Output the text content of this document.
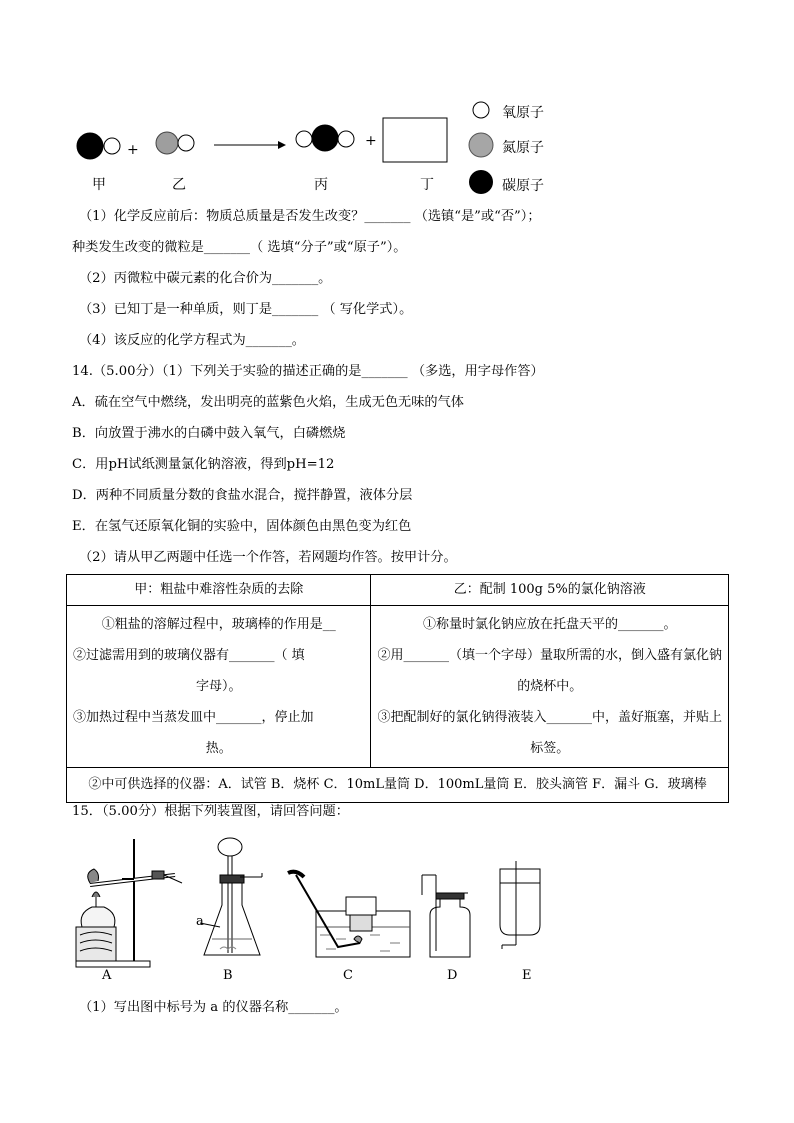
+
+
甲	乙	丙	丁
氧原子
氮原子
碳原子
（1）化学反应前后：物质总质量是否发生改变？_______ （选镇“是”或“否”）；
种类发生改变的微粒是_______（ 选填“分子”或“原子”）。
（2）丙微粒中碳元素的化合价为_______。
（3）已知丁是一种单质，则丁是_______ （ 写化学式）。
（4）该反应的化学方程式为_______。
14.（5.00分）（1）下列关于实验的描述正确的是_______ （多选，用字母作答）
A．硫在空气中燃绕，发出明亮的蓝紫色火焰，生成无色无味的气体
B．向放置于沸水的白磷中鼓入氧气，白磷燃烧
C．用pH试纸测量氯化钠溶液，得到pH=12
D．两种不同质量分数的食盐水混合，搅拌静置，液体分层
E．在氢气还原氧化铜的实验中，固体颜色由黑色变为红色
（2）请从甲乙两题中任选一个作答，若网题均作答。按甲计分。
甲：粗盐中难溶性杂质的去除	乙：配制 100g 5%的氯化钠溶液

①粗盐的溶解过程中，玻璃棒的作用是__
②过滤需用到的玻璃仪器有_______（ 填
字母）。
③加热过程中当蒸发皿中_______，停止加
热。	①称量时氯化钠应放在托盘天平的_______。
②用_______（填一个字母）量取所需的水，倒入盛有氯化钠
的烧杯中。
③把配制好的氯化钠得液装入_______中，盖好瓶塞，并贴上
标签。

②中可供选择的仪器：A．试管 B．烧杯 C．10mL量筒 D．100mL量筒 E．胶头滴管 F．漏斗 G．玻璃棒	
15．（5.00分）根据下列装置图，请回答问题：
A	B	C	D	E
a
（1）写出图中标号为 a 的仪器名称_______。
